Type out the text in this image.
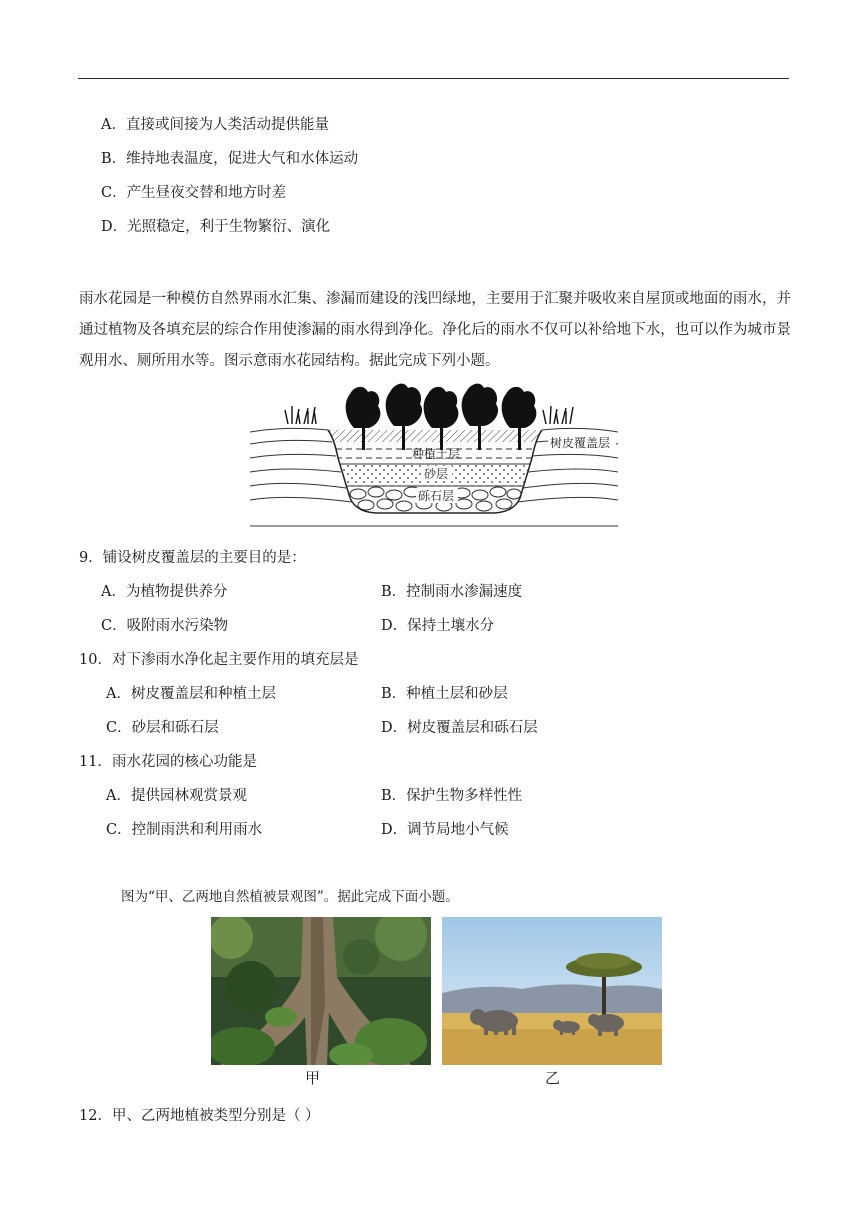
A．直接或间接为人类活动提供能量
B．维持地表温度，促进大气和水体运动
C．产生昼夜交替和地方时差
D．光照稳定，利于生物繁衍、演化
雨水花园是一种模仿自然界雨水汇集、渗漏而建设的浅凹绿地，主要用于汇聚并吸收来自屋顶或地面的雨水，并通过植物及各填充层的综合作用使渗漏的雨水得到净化。净化后的雨水不仅可以补给地下水，也可以作为城市景观用水、厕所用水等。图示意雨水花园结构。据此完成下列小题。
树皮覆盖层
种植土层
砂层
砾石层
9．铺设树皮覆盖层的主要目的是：
A．为植物提供养分	B．控制雨水渗漏速度
C．吸附雨水污染物	D．保持土壤水分
10．对下渗雨水净化起主要作用的填充层是
A．树皮覆盖层和种植土层	B．种植土层和砂层
C．砂层和砾石层	D．树皮覆盖层和砾石层
11．雨水花园的核心功能是
A．提供园林观赏景观	B．保护生物多样性性
C．控制雨洪和利用雨水	D．调节局地小气候
图为“甲、乙两地自然植被景观图”。据此完成下面小题。
甲	乙
12．甲、乙两地植被类型分别是（ ）
